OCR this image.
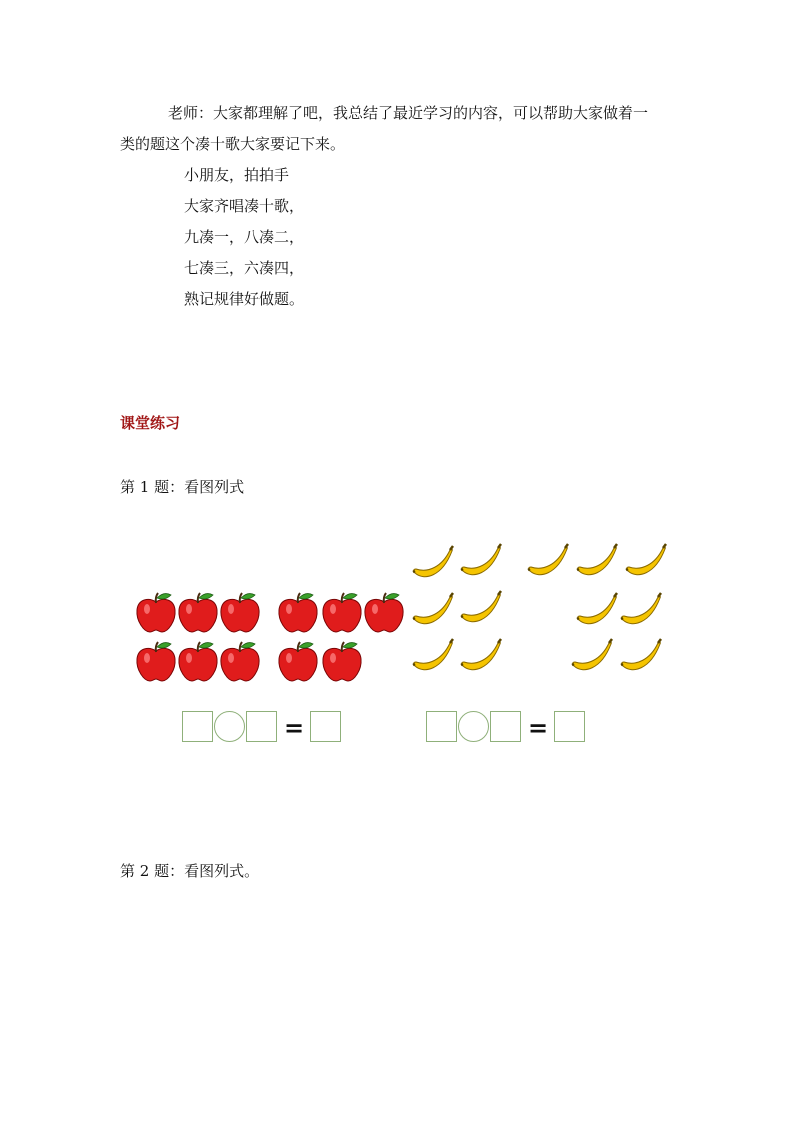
老师：大家都理解了吧，我总结了最近学习的内容，可以帮助大家做着一
类的题这个凑十歌大家要记下来。
小朋友，拍拍手
大家齐唱凑十歌，
九凑一，八凑二，
七凑三，六凑四，
熟记规律好做题。
课堂练习
第 1 题：看图列式
=	=
第 2 题：看图列式。
